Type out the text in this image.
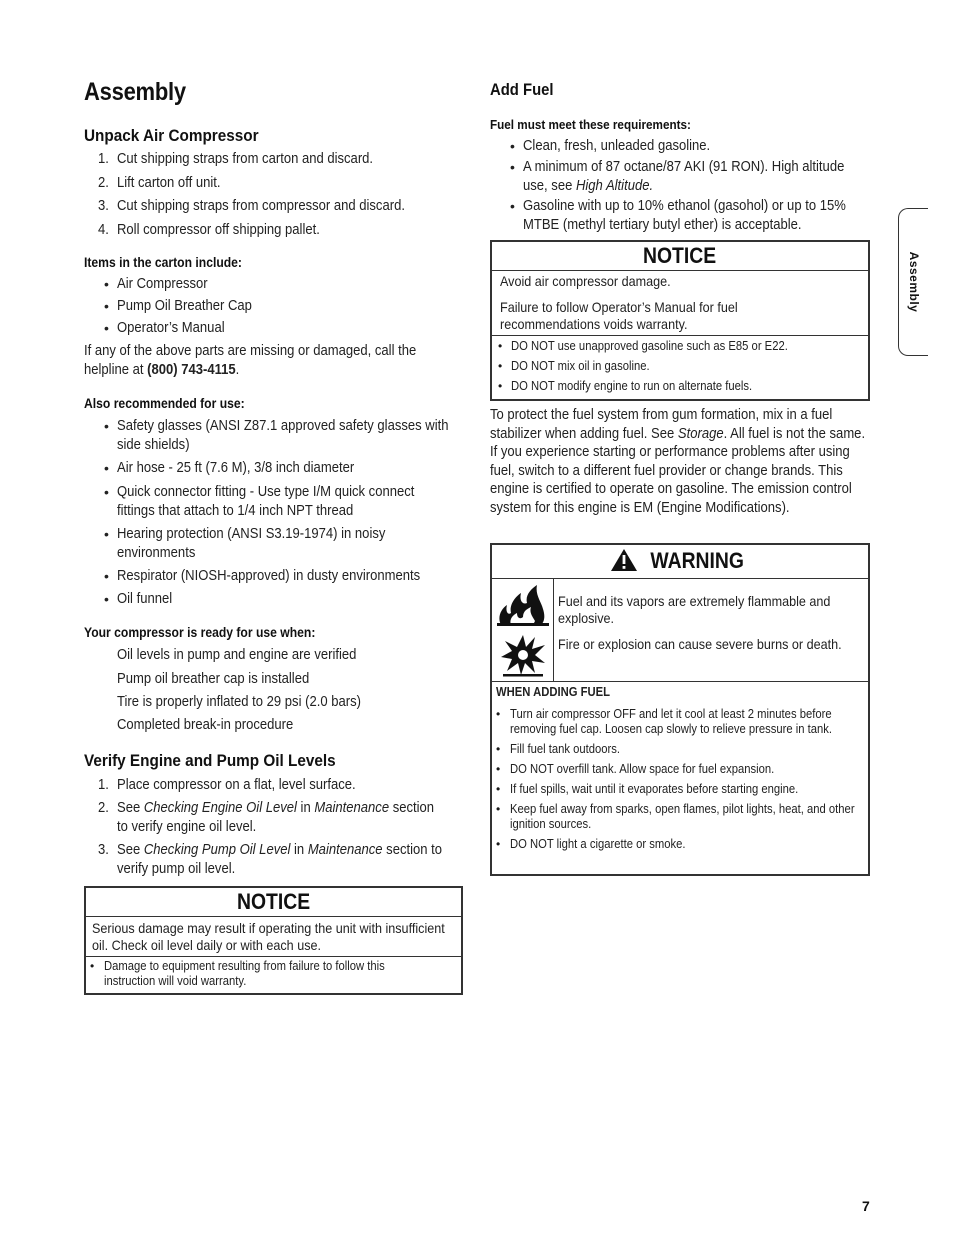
Assembly
Assembly
Unpack Air Compressor
1. Cut shipping straps from carton and discard.
2. Lift carton off unit.
3. Cut shipping straps from compressor and discard.
4. Roll compressor off shipping pallet.
Items in the carton include:
• Air Compressor
• Pump Oil Breather Cap
• Operator’s Manual

If any of the above parts are missing or damaged, call the helpline at (800) 743-4115.

Also recommended for use:
• Safety glasses (ANSI Z87.1 approved safety glasses with side shields)
• Air hose - 25 ft (7.6 M), 3/8 inch diameter
• Quick connector fitting - Use type I/M quick connect fittings that attach to 1/4 inch NPT thread
• Hearing protection (ANSI S3.19-1974) in noisy environments
• Respirator (NIOSH-approved) in dusty environments
• Oil funnel
Your compressor is ready for use when:
Oil levels in pump and engine are verified
Pump oil breather cap is installed
Tire is properly inflated to 29 psi (2.0 bars)
Completed break-in procedure
Verify Engine and Pump Oil Levels
1. Place compressor on a flat, level surface.
2. See Checking Engine Oil Level in Maintenance section
to verify engine oil level.
3. See Checking Pump Oil Level in Maintenance section to
verify pump oil level.
NOTICE

Serious damage may result if operating the unit with insufficient oil. Check oil level daily or with each use.

• Damage to equipment resulting from failure to follow this instruction will void warranty.

Add Fuel
Fuel must meet these requirements:
• Clean, fresh, unleaded gasoline.
• A minimum of 87 octane/87 AKI (91 RON). High altitude use, see High Altitude.
• Gasoline with up to 10% ethanol (gasohol) or up to 15% MTBE (methyl tertiary butyl ether) is acceptable.
NOTICE

Avoid air compressor damage.

Failure to follow Operator’s Manual for fuel recommendations voids warranty.

• DO NOT use unapproved gasoline such as E85 or E22.

• DO NOT mix oil in gasoline.

• DO NOT modify engine to run on alternate fuels.

To protect the fuel system from gum formation, mix in a fuel stabilizer when adding fuel. See Storage. All fuel is not the same. If you experience starting or performance problems after using fuel, switch to a different fuel provider or change brands. This engine is certified to operate on gasoline. The emission control system for this engine is EM (Engine Modifications).

WARNING

Fuel and its vapors are extremely flammable and explosive.

Fire or explosion can cause severe burns or death.

WHEN ADDING FUEL

• Turn air compressor OFF and let it cool at least 2 minutes before removing fuel cap. Loosen cap slowly to relieve pressure in tank.

• Fill fuel tank outdoors.

• DO NOT overfill tank. Allow space for fuel expansion.

• If fuel spills, wait until it evaporates before starting engine.

• Keep fuel away from sparks, open flames, pilot lights, heat, and other ignition sources.

• DO NOT light a cigarette or smoke.

7
